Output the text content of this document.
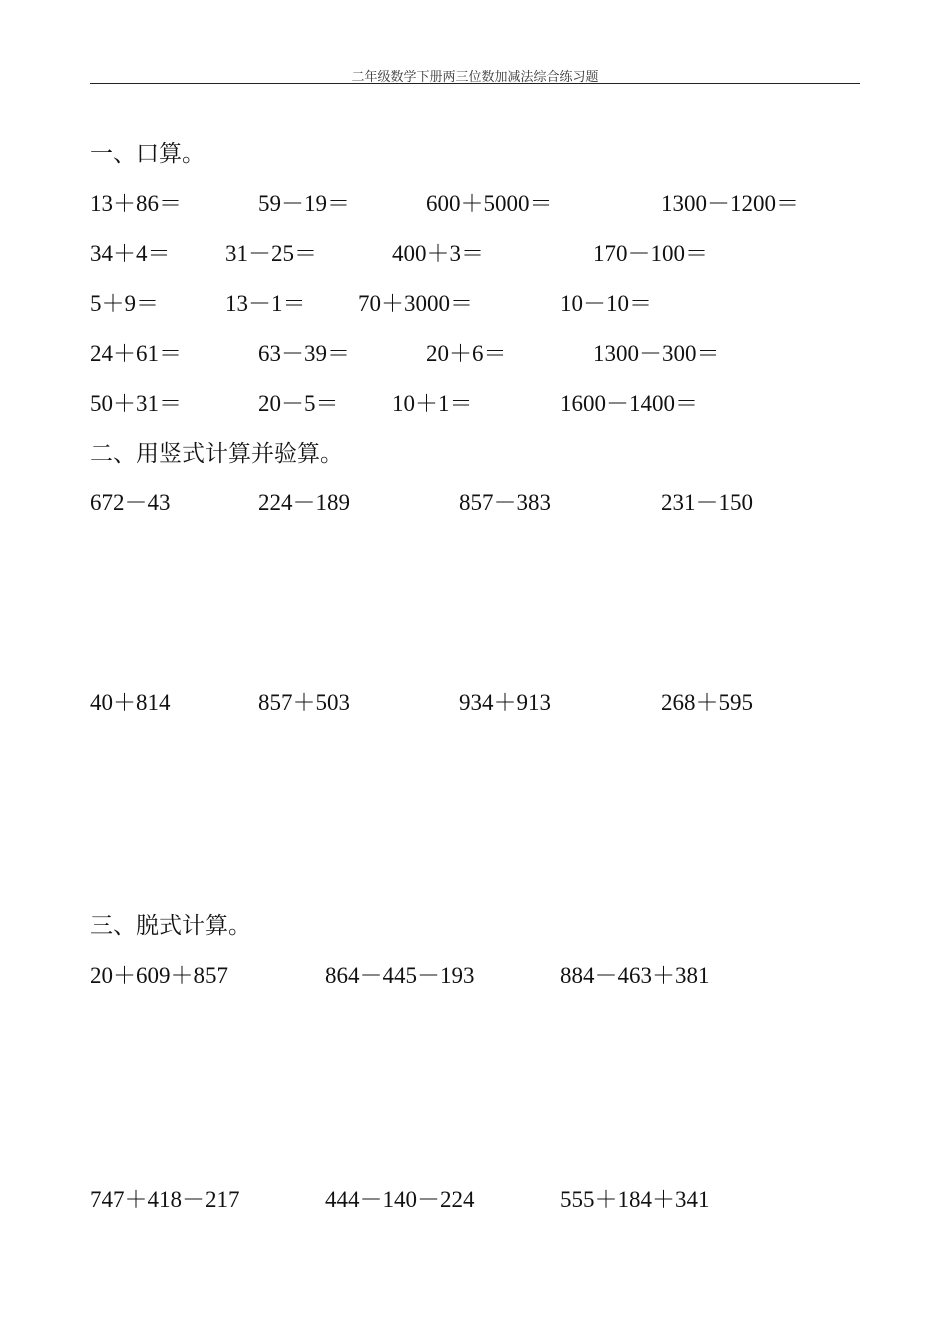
二年级数学下册两三位数加减法综合练习题
一、口算。
13＋86＝	59－19＝	600＋5000＝	1300－1200＝
34＋4＝ 31－25＝	400＋3＝	170－100＝
5＋9＝	13－1＝ 70＋3000＝	10－10＝
24＋61＝	63－39＝	20＋6＝	1300－300＝
50＋31＝	20－5＝ 10＋1＝	1600－1400＝
二、用竖式计算并验算。
672－43	224－189	857－383	231－150
40＋814	857＋503	934＋913	268＋595
三、脱式计算。
20＋609＋857	864－445－193	884－463＋381
747＋418－217	444－140－224	555＋184＋341
